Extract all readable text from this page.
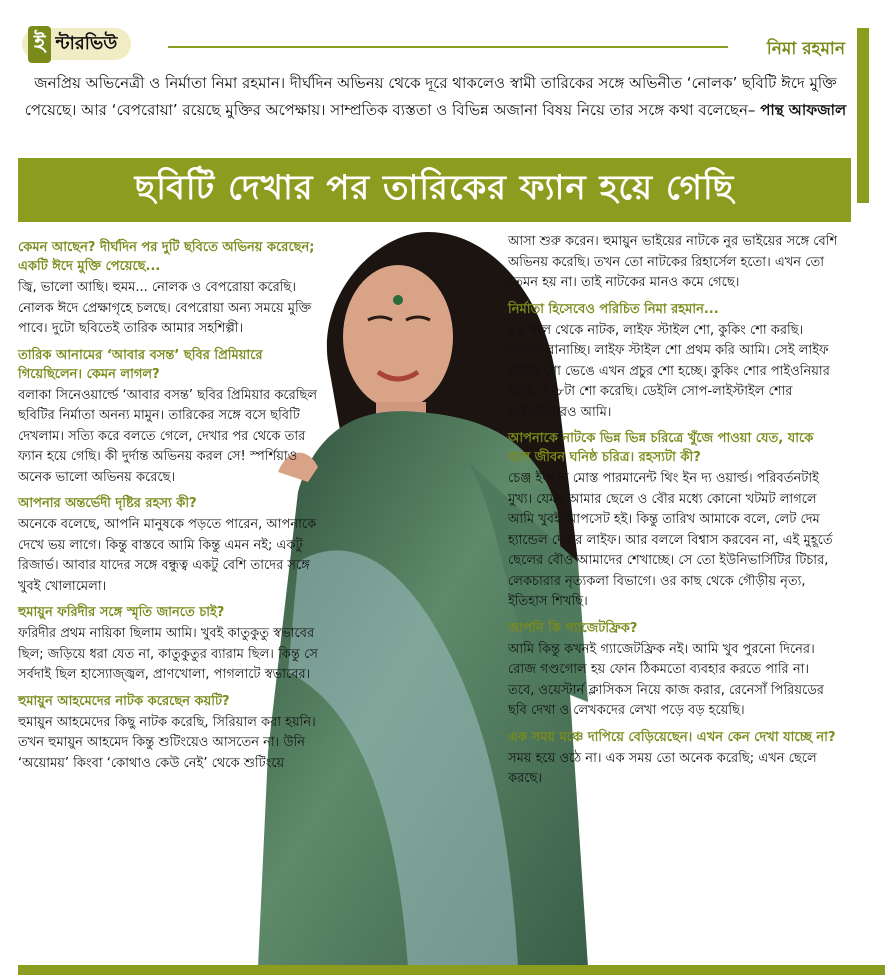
ই ন্টারভিউ	নিমা রহমান
জনপ্রিয় অভিনেত্রী ও নির্মাতা নিমা রহমান। দীর্ঘদিন অভিনয় থেকে দূরে থাকলেও স্বামী তারিকের সঙ্গে অভিনীত ‘নোলক’ ছবিটি ঈদে মুক্তি পেয়েছে। আর ‘বেপরোয়া’ রয়েছে মুক্তির অপেক্ষায়। সাম্প্রতিক ব্যস্ততা ও বিভিন্ন অজানা বিষয় নিয়ে তার সঙ্গে কথা বলেছেন– পান্থ আফজাল
ছবিটি দেখার পর তারিকের ফ্যান হয়ে গেছি
কেমন আছেন? দীর্ঘদিন পর দুটি ছবিতে অভিনয় করেছেন; একটি ঈদে মুক্তি পেয়েছে...
জ্বি, ভালো আছি। হুমম... নোলক ও বেপরোয়া করেছি। নোলক ঈদে প্রেক্ষাগৃহে চলছে। বেপরোয়া অন্য সময়ে মুক্তি পাবে। দুটো ছবিতেই তারিক আমার সহশিল্পী।
তারিক আনামের ‘আবার বসন্ত’ ছবির প্রিমিয়ারে গিয়েছিলেন। কেমন লাগল?
বলাকা সিনেওয়ার্ল্ডে ‘আবার বসন্ত’ ছবির প্রিমিয়ার করেছিল ছবিটির নির্মাতা অনন্য মামুন। তারিকের সঙ্গে বসে ছবিটি দেখলাম। সত্যি করে বলতে গেলে, দেখার পর থেকে তার ফ্যান হয়ে গেছি। কী দুর্দান্ত অভিনয় করল সে! স্পর্শিয়াও অনেক ভালো অভিনয় করেছে।
আপনার অন্তর্ভেদী দৃষ্টির রহস্য কী?
অনেকে বলেছে, আপনি মানুষকে পড়তে পারেন, আপনাকে দেখে ভয় লাগে। কিন্তু বাস্তবে আমি কিন্তু এমন নই; একটু রিজার্ভ। আবার যাদের সঙ্গে বন্ধুত্ব একটু বেশি তাদের সঙ্গে খুবই খোলামেলা।
হুমায়ুন ফরিদীর সঙ্গে স্মৃতি জানতে চাই?
ফরিদীর প্রথম নায়িকা ছিলাম আমি। খুবই কাতুকুতু স্বভাবের ছিল; জড়িয়ে ধরা যেত না, কাতুকুতুর ব্যারাম ছিল। কিন্তু সে সর্বদাই ছিল হাস্যোজ্জ্বল, প্রাণখোলা, পাগলাটে স্বভাবের।
হুমায়ুন আহমেদের নাটক করেছেন কয়টি?
হুমায়ুন আহমেদের কিছু নাটক করেছি, সিরিয়াল করা হয়নি। তখন হুমায়ুন আহমেদ কিন্তু শুটিংয়েও আসতেন না। উনি ‘অয়োময়’ কিংবা ‘কোথাও কেউ নেই’ থেকে শুটিংয়ে
আসা শুরু করেন। হুমায়ুন ভাইয়ের নাটকে নুর ভাইয়ের সঙ্গে বেশি অভিনয় করেছি। তখন তো নাটকের রিহার্সেল হতো। এখন তো তেমন হয় না। তাই নাটকের মানও কমে গেছে।
নির্মাতা হিসেবেও পরিচিত নিমা রহমান...
৯৮ সাল থেকে নাটক, লাইফ স্টাইল শো, কুকিং শো করছি। এখনো বানাচ্ছি। লাইফ স্টাইল শো প্রথম করি আমি। সেই লাইফ স্টাইল শো ভেঙে এখন প্রচুর শো হচ্ছে। কুকিং শোর পাইওনিয়ার আমি; ৭-৮টা শো করেছি। ডেইলি সোপ-লাইস্টাইল শোর পাইওনিয়ারও আমি।
আপনাকে নাটকে ভিন্ন ভিন্ন চরিত্রে খুঁজে পাওয়া যেত, যাকে বলে জীবন ঘনিষ্ঠ চরিত্র। রহস্যটা কী?
চেঞ্জ ইজ দ্য মোস্ত পারমানেন্ট থিং ইন দ্য ওয়ার্ল্ড। পরিবর্তনটাই মুখ্য। যেমন আমার ছেলে ও বৌর মধ্যে কোনো খটমট লাগলে আমি খুবই আপসেট হই। কিন্তু তারিখ আমাকে বলে, লেট দেম হ্যান্ডেল দেয়ার লাইফ। আর বললে বিশ্বাস করবেন না, এই মুহূর্তে ছেলের বৌও আমাদের শেখাচ্ছে। সে তো ইউনিভার্সিটির টিচার, লেকচারার নৃত্যকলা বিভাগে। ওর কাছ থেকে গৌড়ীয় নৃত্য, ইতিহাস শিখছি।
আপনি কি গ্যাজেটফ্রিক?
আমি কিন্তু কখনই গ্যাজেটফ্রিক নই। আমি খুব পুরনো দিনের। রোজ গণ্ডগোল হয় ফোন ঠিকমতো ব্যবহার করতে পারি না। তবে, ওয়েস্টার্ন ক্লাসিকস নিয়ে কাজ করার, রেনেসাঁ পিরিয়ডের ছবি দেখা ও লেখকদের লেখা পড়ে বড় হয়েছি।
এক সময় মঞ্চে দাপিয়ে বেড়িয়েছেন। এখন কেন দেখা যাচ্ছে না?
সময় হয়ে ওঠে না। এক সময় তো অনেক করেছি; এখন ছেলে করছে।
